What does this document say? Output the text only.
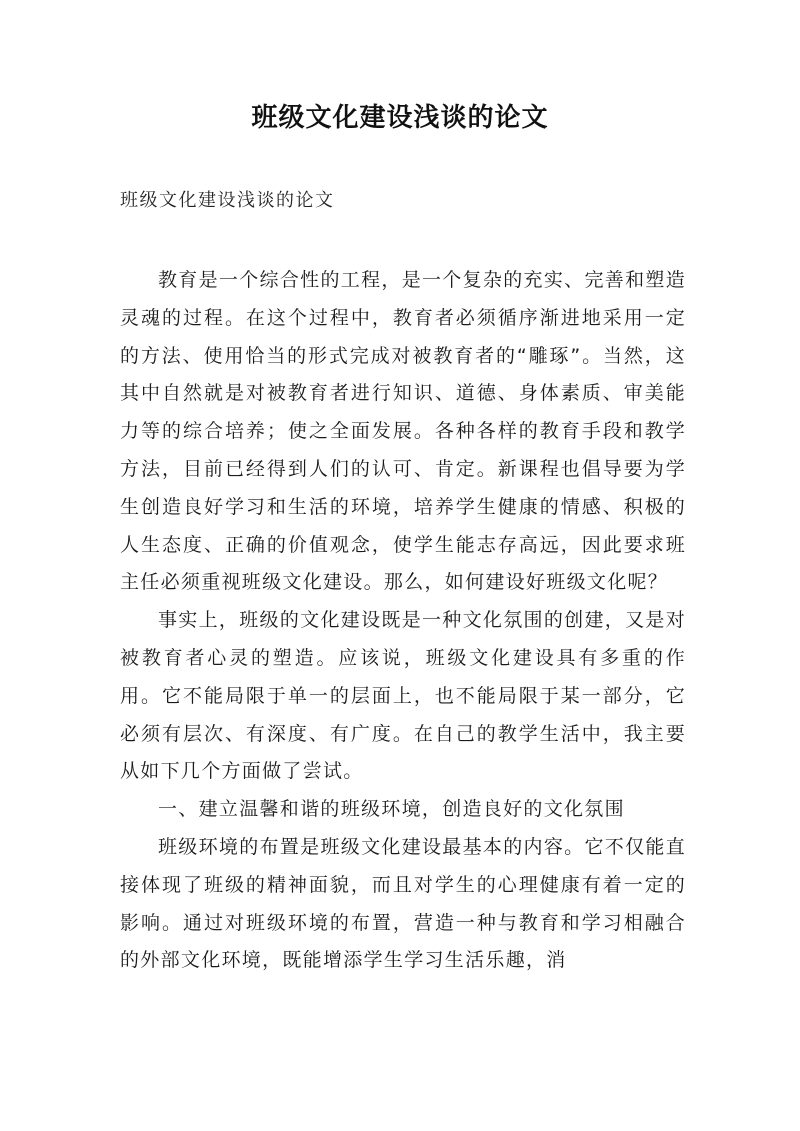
班级文化建设浅谈的论文
班级文化建设浅谈的论文

教育是一个综合性的工程，是一个复杂的充实、完善和塑造灵魂的过程。在这个过程中，教育者必须循序渐进地采用一定的方法、使用恰当的形式完成对被教育者的“雕琢”。当然，这其中自然就是对被教育者进行知识、道德、身体素质、审美能力等的综合培养；使之全面发展。各种各样的教育手段和教学方法，目前已经得到人们的认可、肯定。新课程也倡导要为学生创造良好学习和生活的环境，培养学生健康的情感、积极的人生态度、正确的价值观念，使学生能志存高远，因此要求班主任必须重视班级文化建设。那么，如何建设好班级文化呢？

事实上，班级的文化建设既是一种文化氛围的创建，又是对被教育者心灵的塑造。应该说，班级文化建设具有多重的作用。它不能局限于单一的层面上，也不能局限于某一部分，它必须有层次、有深度、有广度。在自己的教学生活中，我主要从如下几个方面做了尝试。

一、建立温馨和谐的班级环境，创造良好的文化氛围

班级环境的布置是班级文化建设最基本的内容。它不仅能直接体现了班级的精神面貌，而且对学生的心理健康有着一定的影响。通过对班级环境的布置，营造一种与教育和学习相融合的外部文化环境，既能增添学生学习生活乐趣，消
